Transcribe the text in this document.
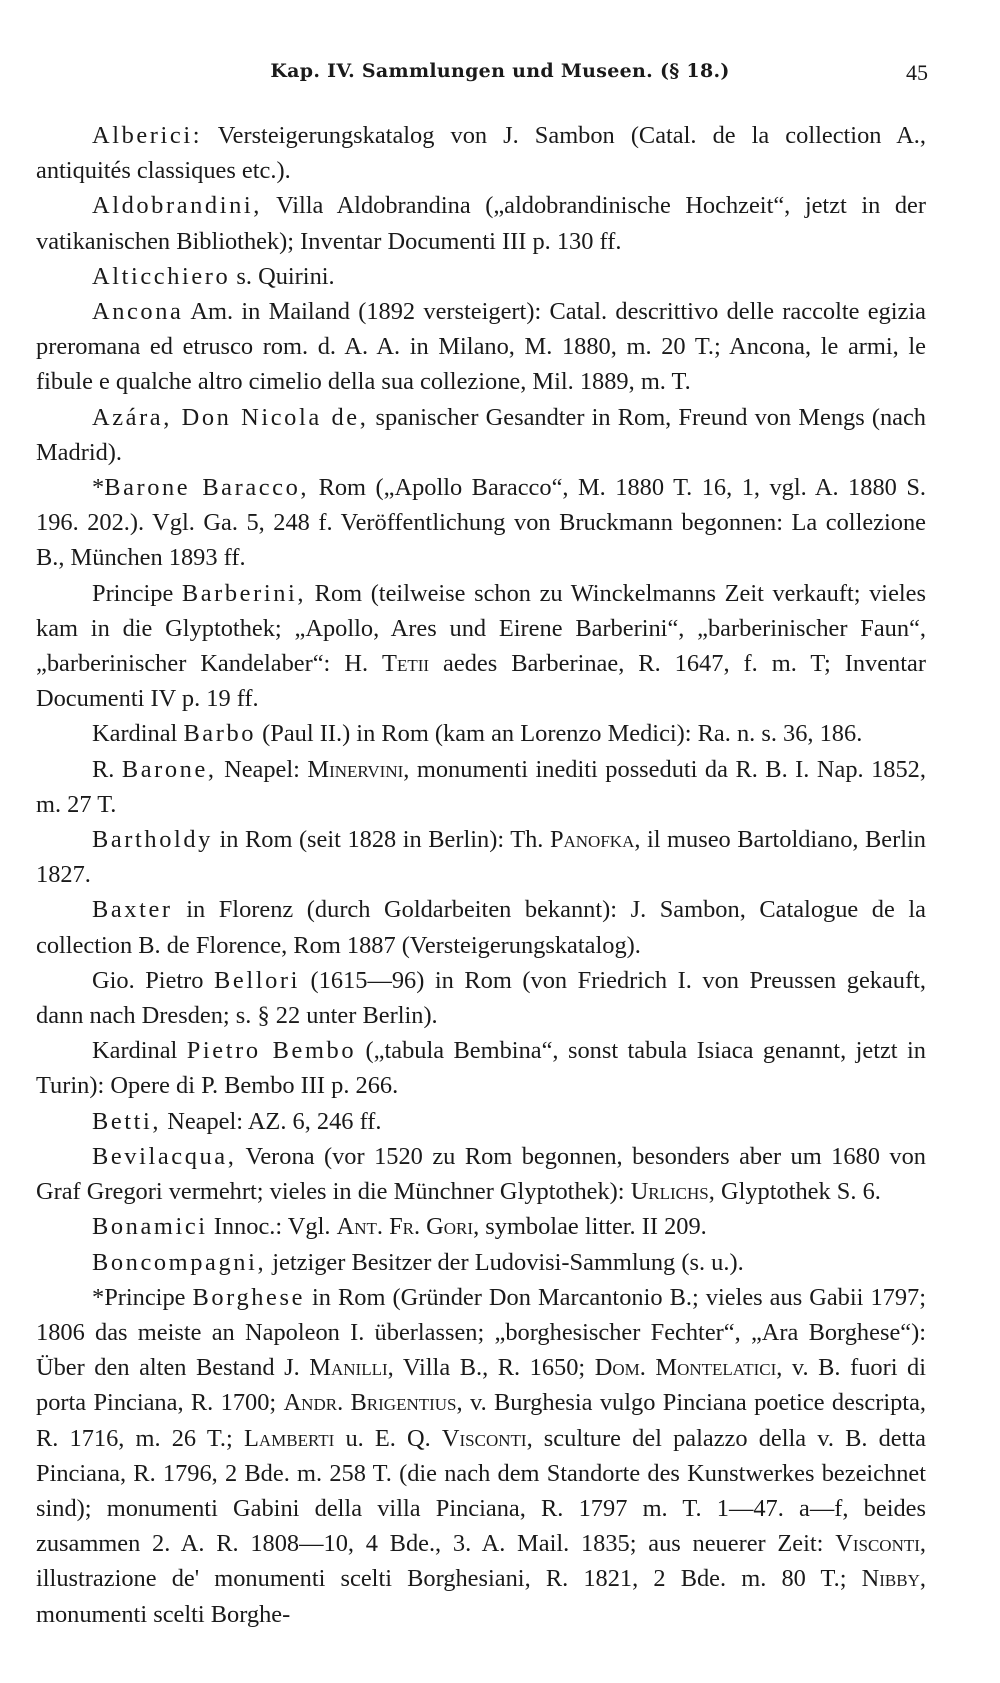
Kap. IV. Sammlungen und Museen. (§ 18.)	45

Alberici: Versteigerungskatalog von J. Sambon (Catal. de la collection A., antiquités classiques etc.).

Aldobrandini, Villa Aldobrandina („aldobrandinische Hochzeit“, jetzt in der vatikanischen Bibliothek); Inventar Documenti III p. 130 ff.

Alticchiero s. Quirini.

Ancona Am. in Mailand (1892 versteigert): Catal. descrittivo delle raccolte egizia preromana ed etrusco rom. d. A. A. in Milano, M. 1880, m. 20 T.; Ancona, le armi, le fibule e qualche altro cimelio della sua collezione, Mil. 1889, m. T.

Azára, Don Nicola de, spanischer Gesandter in Rom, Freund von Mengs (nach Madrid).

*Barone Baracco, Rom („Apollo Baracco“, M. 1880 T. 16, 1, vgl. A. 1880 S. 196. 202.). Vgl. Ga. 5, 248 f. Veröffentlichung von Bruckmann begonnen: La collezione B., München 1893 ff.

Principe Barberini, Rom (teilweise schon zu Winckelmanns Zeit verkauft; vieles kam in die Glyptothek; „Apollo, Ares und Eirene Barberini“, „barberinischer Faun“, „barberinischer Kandelaber“: H. Tetii aedes Barberinae, R. 1647, f. m. T; Inventar Documenti IV p. 19 ff.

Kardinal Barbo (Paul II.) in Rom (kam an Lorenzo Medici): Ra. n. s. 36, 186.

R. Barone, Neapel: Minervini, monumenti inediti posseduti da R. B. I. Nap. 1852, m. 27 T.

Bartholdy in Rom (seit 1828 in Berlin): Th. Panofka, il museo Bartoldiano, Berlin 1827.

Baxter in Florenz (durch Goldarbeiten bekannt): J. Sambon, Catalogue de la collection B. de Florence, Rom 1887 (Versteigerungskatalog).

Gio. Pietro Bellori (1615—96) in Rom (von Friedrich I. von Preussen gekauft, dann nach Dresden; s. § 22 unter Berlin).

Kardinal Pietro Bembo („tabula Bembina“, sonst tabula Isiaca genannt, jetzt in Turin): Opere di P. Bembo III p. 266.

Betti, Neapel: AZ. 6, 246 ff.

Bevilacqua, Verona (vor 1520 zu Rom begonnen, besonders aber um 1680 von Graf Gregori vermehrt; vieles in die Münchner Glyptothek): Urlichs, Glyptothek S. 6.

Bonamici Innoc.: Vgl. Ant. Fr. Gori, symbolae litter. II 209.

Boncompagni, jetziger Besitzer der Ludovisi-Sammlung (s. u.).

*Principe Borghese in Rom (Gründer Don Marcantonio B.; vieles aus Gabii 1797; 1806 das meiste an Napoleon I. überlassen; „borghesischer Fechter“, „Ara Borghese“): Über den alten Bestand J. Manilli, Villa B., R. 1650; Dom. Montelatici, v. B. fuori di porta Pinciana, R. 1700; Andr. Brigentius, v. Burghesia vulgo Pinciana poetice descripta, R. 1716, m. 26 T.; Lamberti u. E. Q. Visconti, sculture del palazzo della v. B. detta Pinciana, R. 1796, 2 Bde. m. 258 T. (die nach dem Standorte des Kunstwerkes bezeichnet sind); monumenti Gabini della villa Pinciana, R. 1797 m. T. 1—47. a—f, beides zusammen 2. A. R. 1808—10, 4 Bde., 3. A. Mail. 1835; aus neuerer Zeit: Visconti, illustrazione de' monumenti scelti Borghesiani, R. 1821, 2 Bde. m. 80 T.; Nibby, monumenti scelti Borghe-
